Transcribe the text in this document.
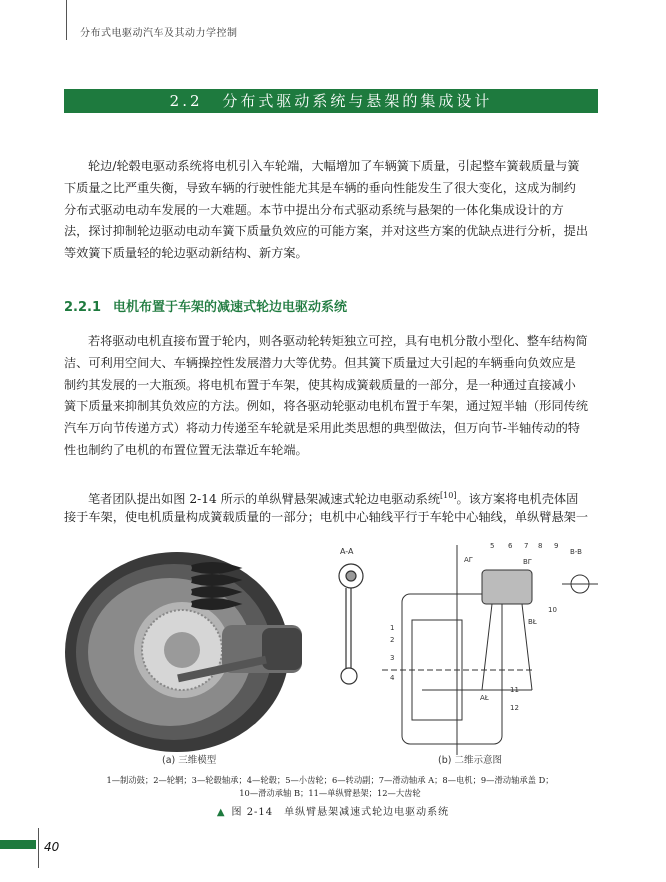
分布式电驱动汽车及其动力学控制
2.2 分布式驱动系统与悬架的集成设计
轮边/轮毂电驱动系统将电机引入车轮端，大幅增加了车辆簧下质量，引起整车簧载质量与簧
下质量之比严重失衡，导致车辆的行驶性能尤其是车辆的垂向性能发生了很大变化，这成为制约
分布式驱动电动车发展的一大难题。本节中提出分布式驱动系统与悬架的一体化集成设计的方
法，探讨抑制轮边驱动电动车簧下质量负效应的可能方案，并对这些方案的优缺点进行分析，提出
等效簧下质量轻的轮边驱动新结构、新方案。
2.2.1 电机布置于车架的减速式轮边电驱动系统
若将驱动电机直接布置于轮内，则各驱动轮转矩独立可控，具有电机分散小型化、整车结构简
洁、可利用空间大、车辆操控性发展潜力大等优势。但其簧下质量过大引起的车辆垂向负效应是
制约其发展的一大瓶颈。将电机布置于车架，使其构成簧载质量的一部分，是一种通过直接减小
簧下质量来抑制其负效应的方法。例如，将各驱动轮驱动电机布置于车架，通过短半轴（形同传统
汽车万向节传递方式）将动力传递至车轮就是采用此类思想的典型做法，但万向节-半轴传动的特
性也制约了电机的布置位置无法靠近车轮端。
笔者团队提出如图 2-14 所示的单纵臂悬架减速式轮边电驱动系统[10]。该方案将电机壳体固
接于车架，使电机质量构成簧载质量的一部分；电机中心轴线平行于车轮中心轴线，单纵臂悬架一
A-A	B-B
AΓ	BΓ
BŁ
AŁ
1
2
3
4
5 6 7 8 9
10
11
12
(a) 三维模型	(b) 二维示意图
1—制动鼓；2—轮辋；3—轮毂轴承；4—轮毂；5—小齿轮；6—转动副；7—滑动轴承 A；8—电机；9—滑动轴承盖 D；
10—滑动承轴 B；11—单纵臂悬架；12—大齿轮
▲ 图 2-14　单纵臂悬架减速式轮边电驱动系统
40
